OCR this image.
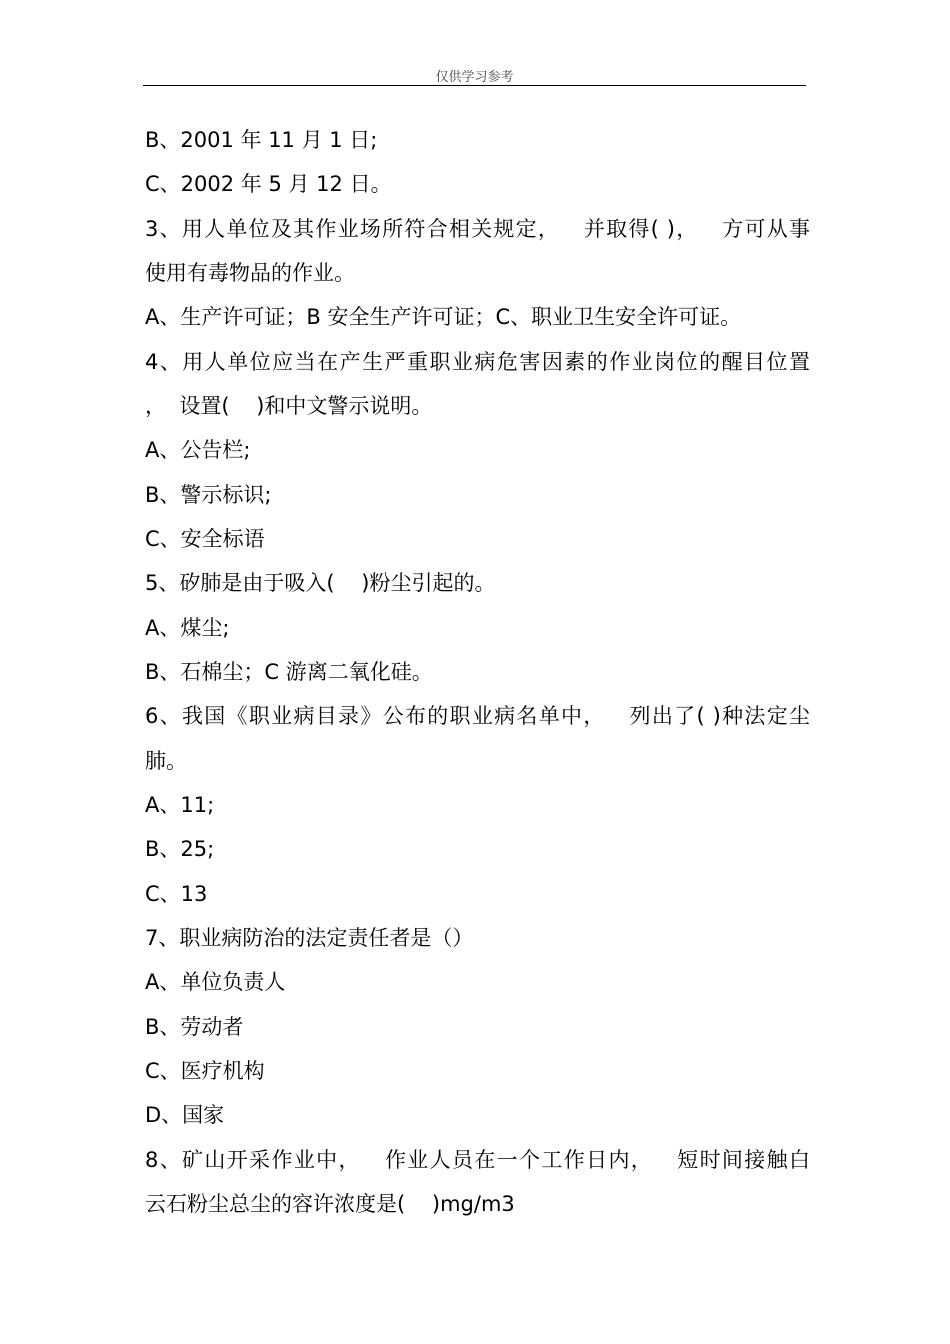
仅供学习参考
B、2001 年 11 月 1 日;
C、2002 年 5 月 12 日。
3、用人单位及其作业场所符合相关规定，   并取得( )，   方可从事
使用有毒物品的作业。
A、生产许可证；B 安全生产许可证；C、职业卫生安全许可证。
4、用人单位应当在产生严重职业病危害因素的作业岗位的醒目位置
，  设置(    )和中文警示说明。
A、公告栏;
B、警示标识;
C、安全标语
5、矽肺是由于吸入(    )粉尘引起的。
A、煤尘;
B、石棉尘；C 游离二氧化硅。
6、我国《职业病目录》公布的职业病名单中，   列出了( )种法定尘
肺。
A、11;
B、25;
C、13
7、职业病防治的法定责任者是（）
A、单位负责人
B、劳动者
C、医疗机构
D、国家
8、矿山开采作业中，   作业人员在一个工作日内，   短时间接触白
云石粉尘总尘的容许浓度是(    )mg/m3
